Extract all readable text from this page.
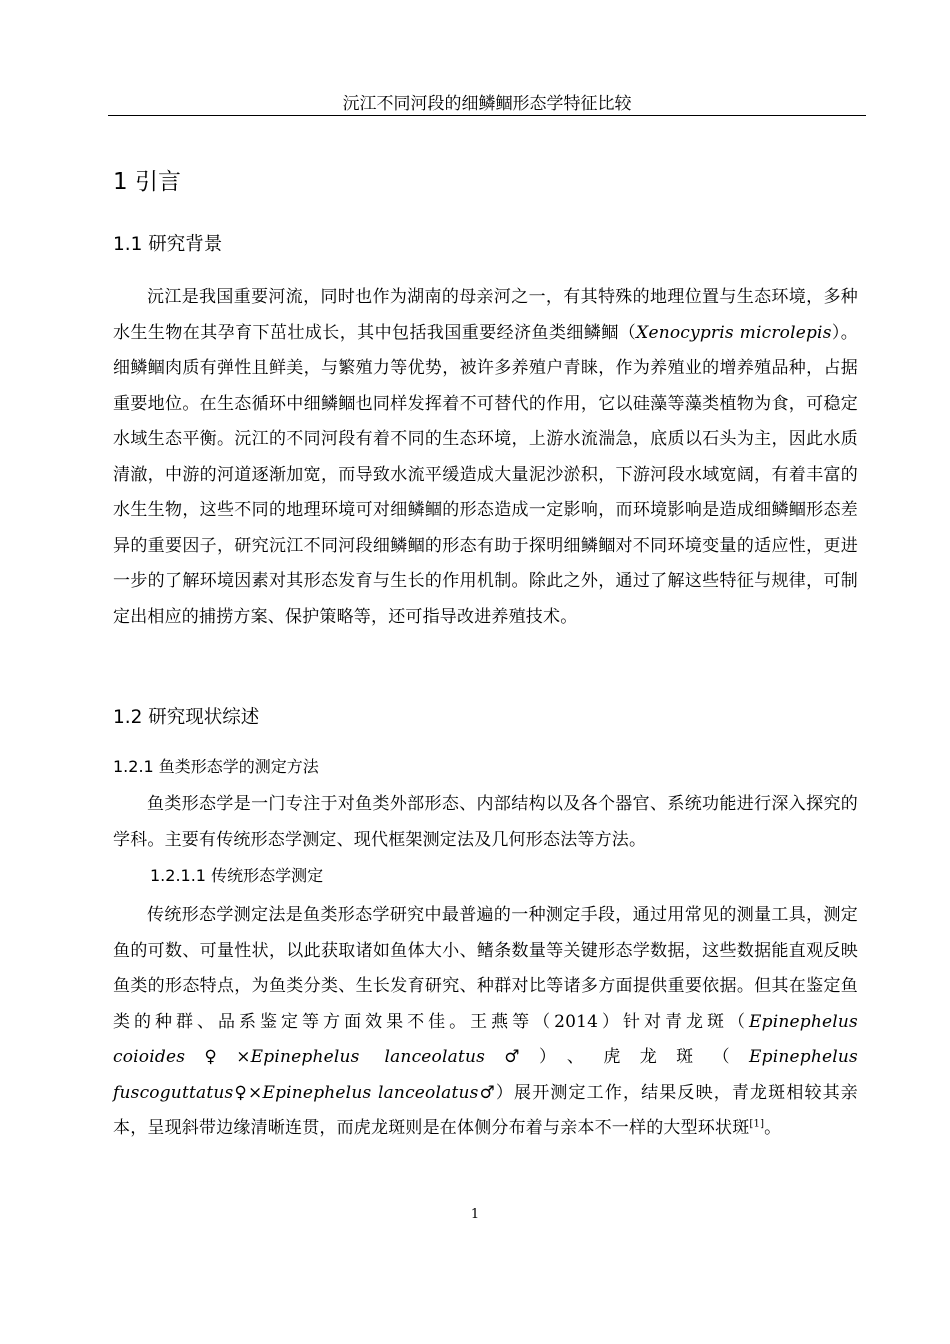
沅江不同河段的细鳞鲴形态学特征比较
1 引言
1.1 研究背景
沅江是我国重要河流，同时也作为湖南的母亲河之一，有其特殊的地理位置与生态环境，多种水生生物在其孕育下茁壮成长，其中包括我国重要经济鱼类细鳞鲴（Xenocypris microlepis）。细鳞鲴肉质有弹性且鲜美，与繁殖力等优势，被许多养殖户青睐，作为养殖业的增养殖品种，占据重要地位。在生态循环中细鳞鲴也同样发挥着不可替代的作用，它以硅藻等藻类植物为食，可稳定水域生态平衡。沅江的不同河段有着不同的生态环境，上游水流湍急，底质以石头为主，因此水质清澈，中游的河道逐渐加宽，而导致水流平缓造成大量泥沙淤积，下游河段水域宽阔，有着丰富的水生生物，这些不同的地理环境可对细鳞鲴的形态造成一定影响，而环境影响是造成细鳞鲴形态差异的重要因子，研究沅江不同河段细鳞鲴的形态有助于探明细鳞鲴对不同环境变量的适应性，更进一步的了解环境因素对其形态发育与生长的作用机制。除此之外，通过了解这些特征与规律，可制定出相应的捕捞方案、保护策略等，还可指导改进养殖技术。
1.2 研究现状综述
1.2.1 鱼类形态学的测定方法
鱼类形态学是一门专注于对鱼类外部形态、内部结构以及各个器官、系统功能进行深入探究的学科。主要有传统形态学测定、现代框架测定法及几何形态法等方法。
1.2.1.1 传统形态学测定
传统形态学测定法是鱼类形态学研究中最普遍的一种测定手段，通过用常见的测量工具，测定鱼的可数、可量性状，以此获取诸如鱼体大小、鳍条数量等关键形态学数据，这些数据能直观反映鱼类的形态特点，为鱼类分类、生长发育研究、种群对比等诸多方面提供重要依据。但其在鉴定鱼类的种群、品系鉴定等方面效果不佳。王燕等（2014）针对青龙斑（Epinephelus coioides♀×Epinephelus lanceolatus♂）、虎龙斑（Epinephelus fuscoguttatus♀×Epinephelus lanceolatus♂）展开测定工作，结果反映，青龙斑相较其亲本，呈现斜带边缘清晰连贯，而虎龙斑则是在体侧分布着与亲本不一样的大型环状斑[1]。
1
